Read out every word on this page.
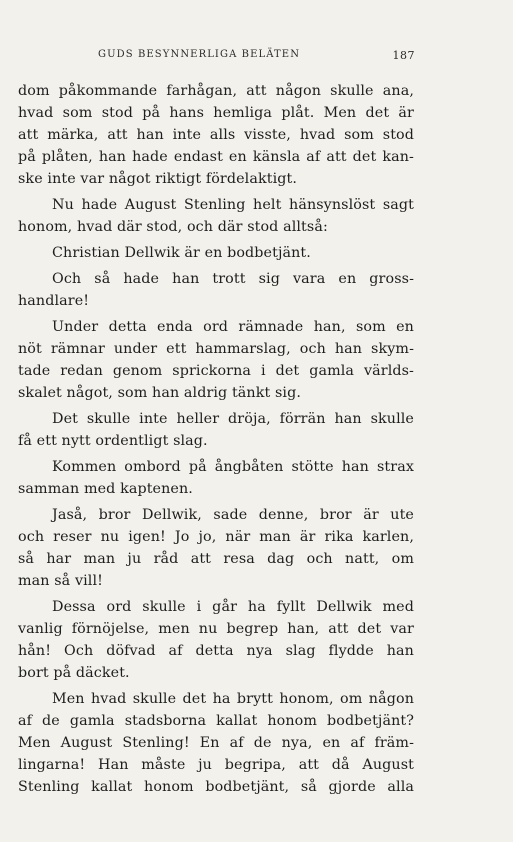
GUDS BESYNNERLIGA BELÄTEN	187
dom påkommande farhågan, att någon skulle ana,
hvad som stod på hans hemliga plåt. Men det är
att märka, att han inte alls visste, hvad som stod
på plåten, han hade endast en känsla af att det kan-
ske inte var något riktigt fördelaktigt.
Nu hade August Stenling helt hänsynslöst sagt
honom, hvad där stod, och där stod alltså:
Christian Dellwik är en bodbetjänt.
Och så hade han trott sig vara en gross-
handlare!
Under detta enda ord rämnade han, som en
nöt rämnar under ett hammarslag, och han skym-
tade redan genom sprickorna i det gamla världs-
skalet något, som han aldrig tänkt sig.
Det skulle inte heller dröja, förrän han skulle
få ett nytt ordentligt slag.
Kommen ombord på ångbåten stötte han strax
samman med kaptenen.
Jaså, bror Dellwik, sade denne, bror är ute
och reser nu igen! Jo jo, när man är rika karlen,
så har man ju råd att resa dag och natt, om
man så vill!
Dessa ord skulle i går ha fyllt Dellwik med
vanlig förnöjelse, men nu begrep han, att det var
hån! Och döfvad af detta nya slag flydde han
bort på däcket.
Men hvad skulle det ha brytt honom, om någon
af de gamla stadsborna kallat honom bodbetjänt?
Men August Stenling! En af de nya, en af främ-
lingarna! Han måste ju begripa, att då August
Stenling kallat honom bodbetjänt, så gjorde alla
